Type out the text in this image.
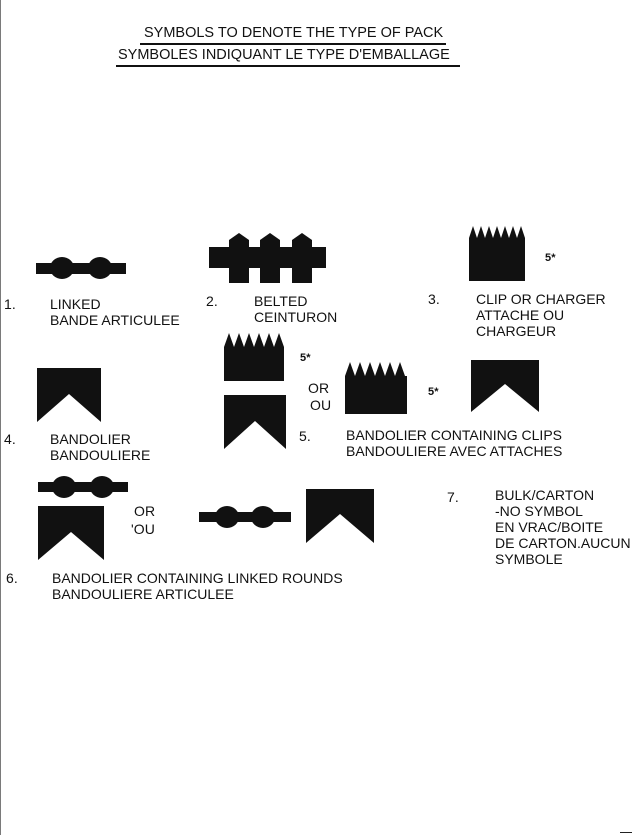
SYMBOLS TO DENOTE THE TYPE OF PACK
SYMBOLES INDIQUANT LE TYPE D'EMBALLAGE
1. LINKED
BANDE ARTICULEE
2.	BELTED
CEINTURON
5*
3.	CLIP OR CHARGER
ATTACHE OU
CHARGEUR
4. BANDOLIER
BANDOULIERE
5*
OR
OU
5*
5.	BANDOLIER CONTAINING CLIPS
BANDOULIERE AVEC ATTACHES
OR
'OU
6. BANDOLIER CONTAINING LINKED ROUNDS
BANDOULIERE ARTICULEE
7.	BULK/CARTON
-NO SYMBOL
EN VRAC/BOITE
DE CARTON.AUCUN
SYMBOLE
